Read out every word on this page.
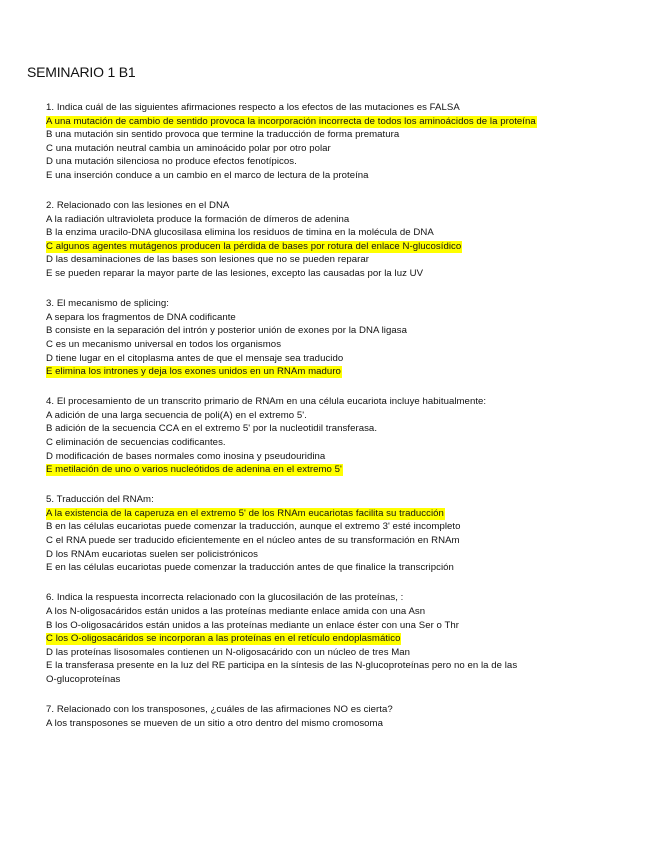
SEMINARIO 1 B1
1. Indica cuál de las siguientes afirmaciones respecto a los efectos de las mutaciones es FALSA
A una mutación de cambio de sentido provoca la incorporación incorrecta de todos los aminoácidos de la proteína
B una mutación sin sentido provoca que termine la traducción de forma prematura
C una mutación neutral cambia un aminoácido polar por otro polar
D una mutación silenciosa no produce efectos fenotípicos.
E una inserción conduce a un cambio en el marco de lectura de la proteína
2. Relacionado con las lesiones en el DNA
A la radiación ultravioleta produce la formación de dímeros de adenina
B la enzima uracilo-DNA glucosilasa elimina los residuos de timina en la molécula de DNA
C algunos agentes mutágenos producen la pérdida de bases por rotura del enlace N-glucosídico
D las desaminaciones de las bases son lesiones que no se pueden reparar
E se pueden reparar la mayor parte de las lesiones, excepto las causadas por la luz UV
3. El mecanismo de splicing:
A separa los fragmentos de DNA codificante
B consiste en la separación del intrón y posterior unión de exones por la DNA ligasa
C es un mecanismo universal en todos los organismos
D tiene lugar en el citoplasma antes de que el mensaje sea traducido
E elimina los intrones y deja los exones unidos en un RNAm maduro
4. El procesamiento de un transcrito primario de RNAm en una célula eucariota incluye habitualmente:
A adición de una larga secuencia de poli(A) en el extremo 5'.
B adición de la secuencia CCA en el extremo 5' por la nucleotidil transferasa.
C eliminación de secuencias codificantes.
D modificación de bases normales como inosina y pseudouridina
E metilación de uno o varios nucleótidos de adenina en el extremo 5'
5. Traducción del RNAm:
A la existencia de la caperuza en el extremo 5' de los RNAm eucariotas facilita su traducción
B en las células eucariotas puede comenzar la traducción, aunque el extremo 3' esté incompleto
C el RNA puede ser traducido eficientemente en el núcleo antes de su transformación en RNAm
D los RNAm eucariotas suelen ser policistrónicos
E en las células eucariotas puede comenzar la traducción antes de que finalice la transcripción
6. Indica la respuesta incorrecta relacionado con la glucosilación de las proteínas, :
A los N-oligosacáridos están unidos a las proteínas mediante enlace amida con una Asn
B los O-oligosacáridos están unidos a las proteínas mediante un enlace éster con una Ser o Thr
C los O-oligosacáridos se incorporan a las proteínas en el retículo endoplasmático
D las proteínas lisosomales contienen un N-oligosacárido con un núcleo de tres Man
E la transferasa presente en la luz del RE participa en la síntesis de las N-glucoproteínas pero no en la de las
O-glucoproteínas
7. Relacionado con los transposones, ¿cuáles de las afirmaciones NO es cierta?
A los transposones se mueven de un sitio a otro dentro del mismo cromosoma
